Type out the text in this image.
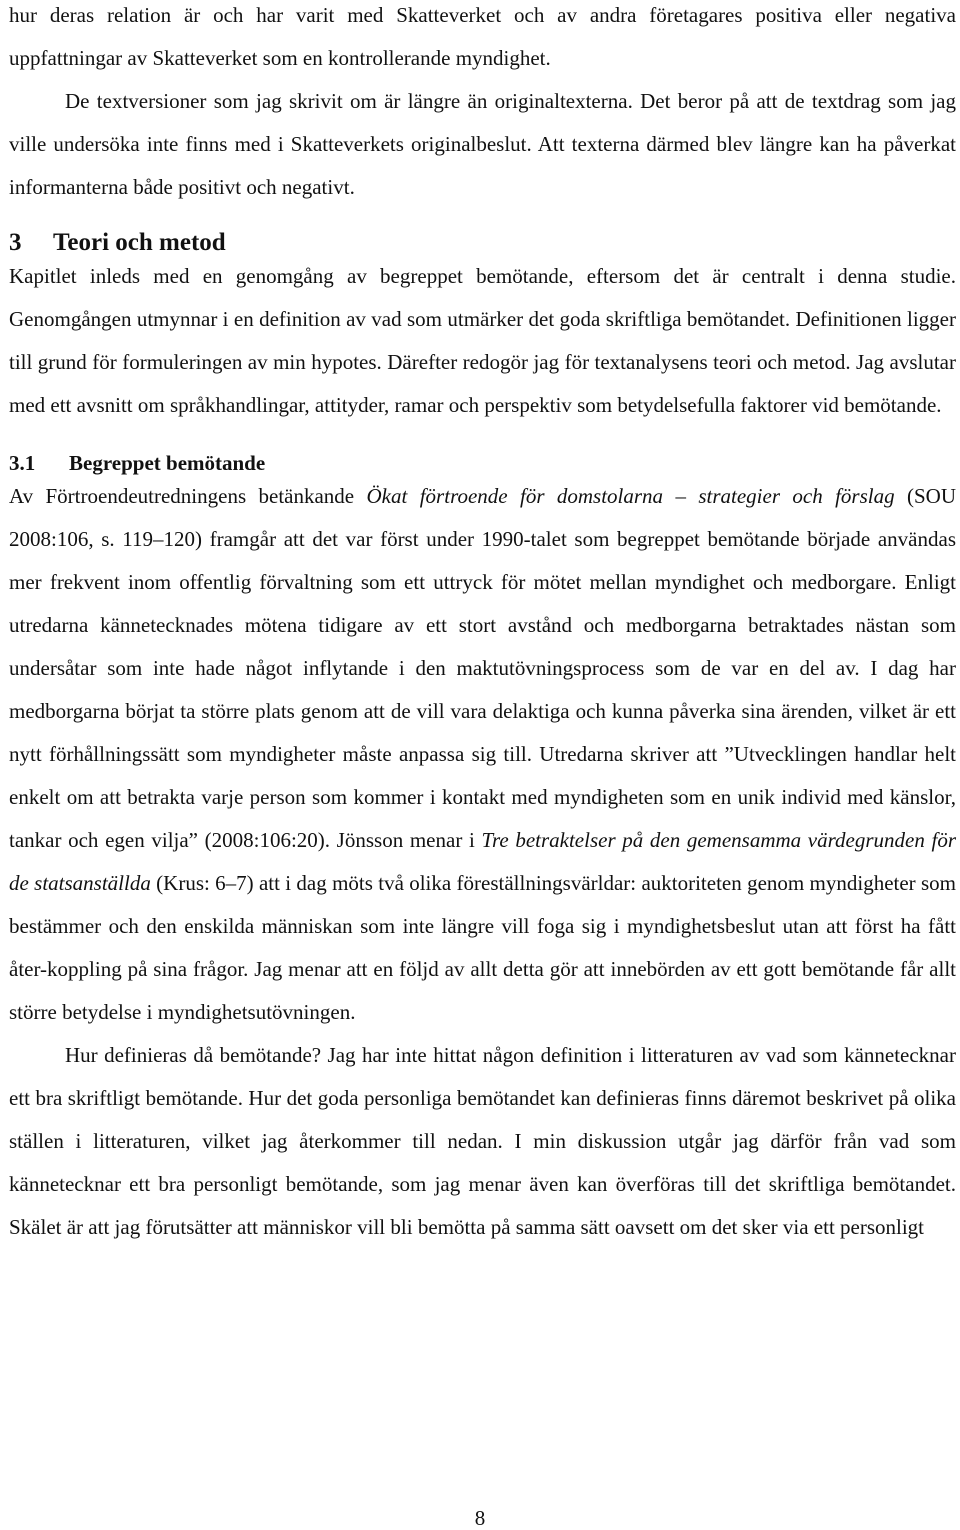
hur deras relation är och har varit med Skatteverket och av andra företagares positiva eller negativa uppfattningar av Skatteverket som en kontrollerande myndighet.

De textversioner som jag skrivit om är längre än originaltexterna. Det beror på att de textdrag som jag ville undersöka inte finns med i Skatteverkets originalbeslut. Att texterna därmed blev längre kan ha påverkat informanterna både positivt och negativt.

3 Teori och metod

Kapitlet inleds med en genomgång av begreppet bemötande, eftersom det är centralt i denna studie. Genomgången utmynnar i en definition av vad som utmärker det goda skriftliga bemötandet. Definitionen ligger till grund för formuleringen av min hypotes. Därefter redogör jag för textanalysens teori och metod. Jag avslutar med ett avsnitt om språkhandlingar, attityder, ramar och perspektiv som betydelsefulla faktorer vid bemötande.

3.1 Begreppet bemötande

Av Förtroendeutredningens betänkande Ökat förtroende för domstolarna – strategier och förslag (SOU 2008:106, s. 119–120) framgår att det var först under 1990-talet som begreppet bemötande började användas mer frekvent inom offentlig förvaltning som ett uttryck för mötet mellan myndighet och medborgare. Enligt utredarna kännetecknades mötena tidigare av ett stort avstånd och medborgarna betraktades nästan som undersåtar som inte hade något inflytande i den maktutövningsprocess som de var en del av. I dag har medborgarna börjat ta större plats genom att de vill vara delaktiga och kunna påverka sina ärenden, vilket är ett nytt förhållningssätt som myndigheter måste anpassa sig till. Utredarna skriver att ”Utvecklingen handlar helt enkelt om att betrakta varje person som kommer i kontakt med myndigheten som en unik individ med känslor, tankar och egen vilja” (2008:106:20). Jönsson menar i Tre betraktelser på den gemensamma värdegrunden för de statsanställda (Krus: 6–7) att i dag möts två olika föreställningsvärldar: auktoriteten genom myndigheter som bestämmer och den enskilda människan som inte längre vill foga sig i myndighetsbeslut utan att först ha fått åter-koppling på sina frågor. Jag menar att en följd av allt detta gör att innebörden av ett gott bemötande får allt större betydelse i myndighetsutövningen.

Hur definieras då bemötande? Jag har inte hittat någon definition i litteraturen av vad som kännetecknar ett bra skriftligt bemötande. Hur det goda personliga bemötandet kan definieras finns däremot beskrivet på olika ställen i litteraturen, vilket jag återkommer till nedan. I min diskussion utgår jag därför från vad som kännetecknar ett bra personligt bemötande, som jag menar även kan överföras till det skriftliga bemötandet. Skälet är att jag förutsätter att människor vill bli bemötta på samma sätt oavsett om det sker via ett personligt

8
